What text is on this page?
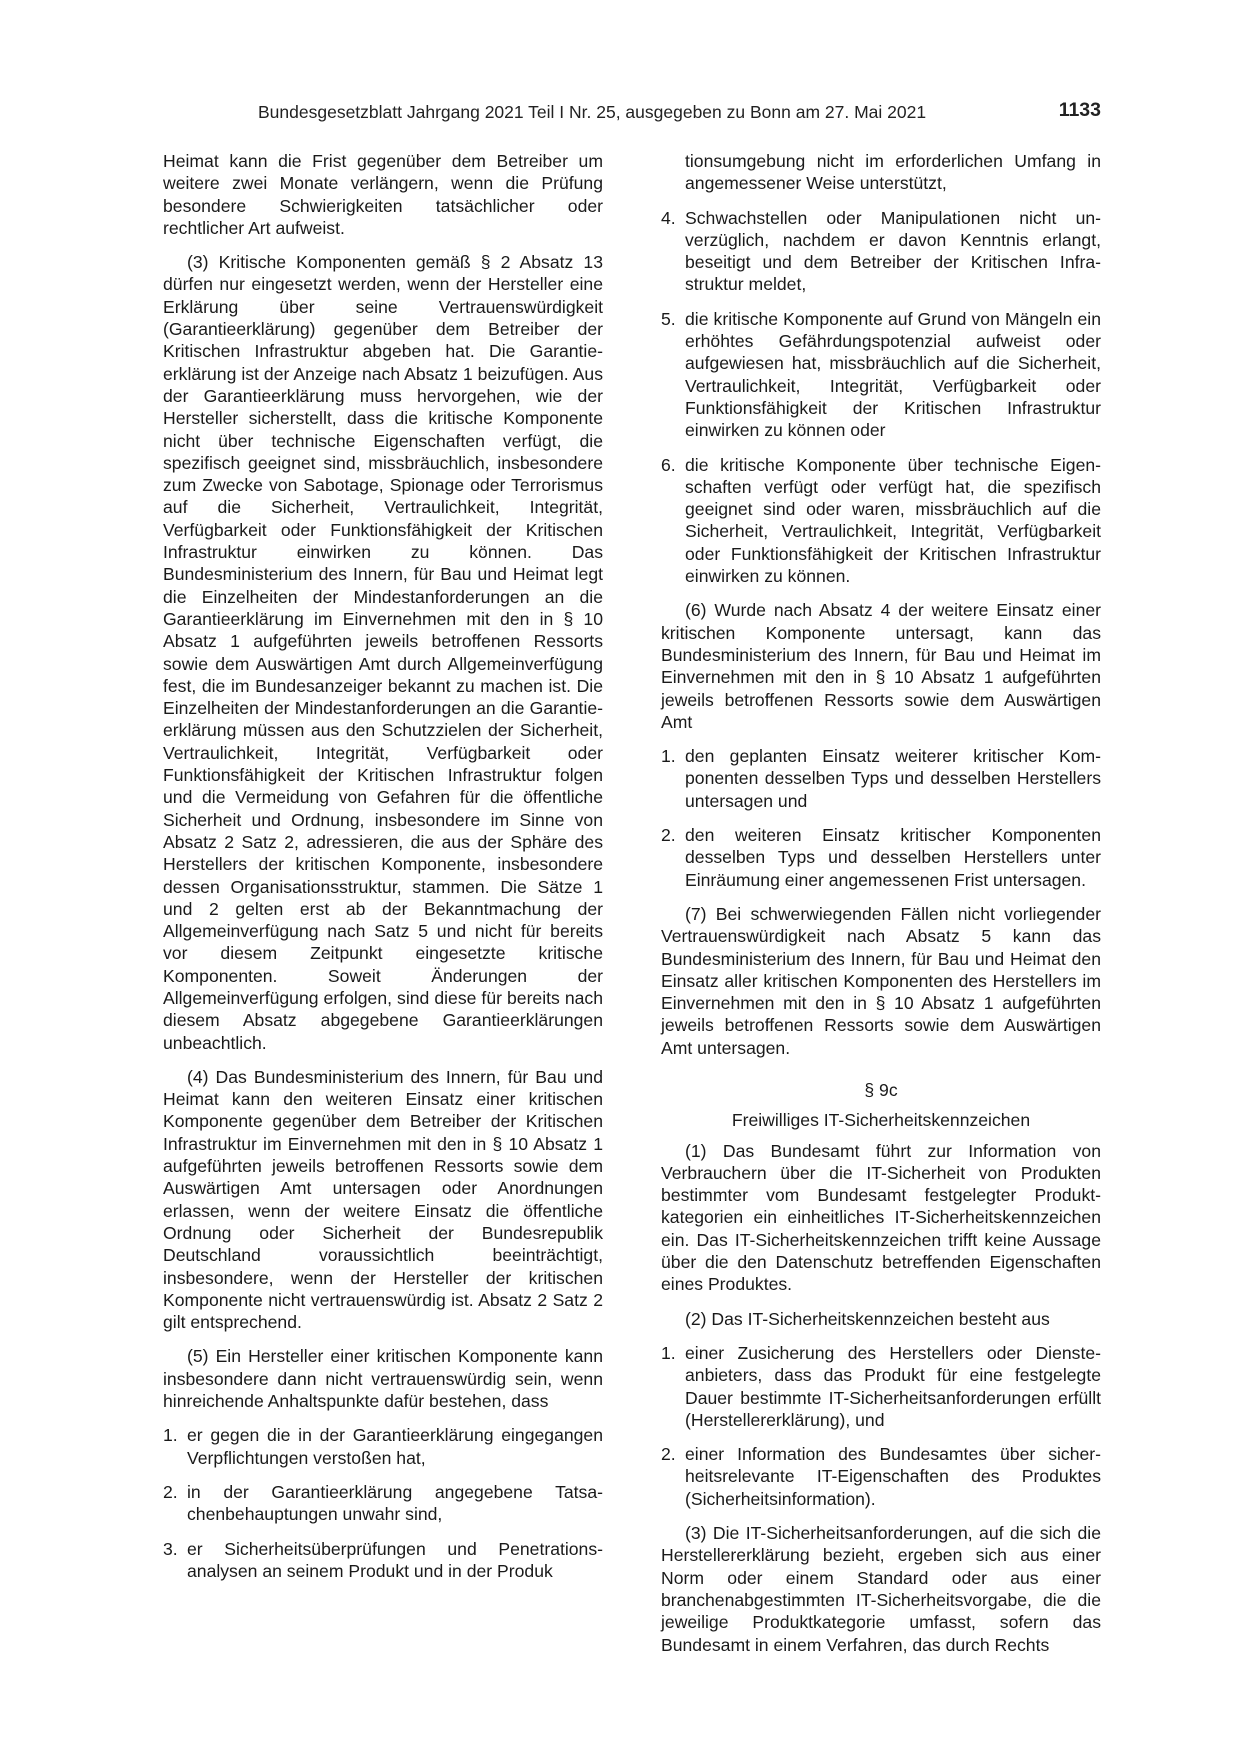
Bundesgesetzblatt Jahrgang 2021 Teil I Nr. 25, ausgegeben zu Bonn am 27. Mai 2021	1133

Heimat kann die Frist gegenüber dem Betreiber um weitere zwei Monate verlängern, wenn die Prüfung besondere Schwierigkeiten tatsächlicher oder rechtlicher Art aufweist.

(3) Kritische Komponenten gemäß § 2 Absatz 13 dürfen nur eingesetzt werden, wenn der Hersteller eine Erklärung über seine Vertrauenswürdigkeit (Garantieerklärung) gegenüber dem Betreiber der Kritischen Infrastruktur abgeben hat. Die Garantieerklärung ist der Anzeige nach Absatz 1 beizufügen. Aus der Garantieerklärung muss hervorgehen, wie der Hersteller sicherstellt, dass die kritische Komponente nicht über technische Eigenschaften verfügt, die spezifisch geeignet sind, missbräuchlich, insbesondere zum Zwecke von Sabotage, Spionage oder Terrorismus auf die Sicherheit, Vertraulichkeit, Integrität, Verfügbarkeit oder Funktionsfähigkeit der Kritischen Infrastruktur einwirken zu können. Das Bundesministerium des Innern, für Bau und Heimat legt die Einzelheiten der Mindestanforderungen an die Garantieerklärung im Einvernehmen mit den in § 10 Absatz 1 aufgeführten jeweils betroffenen Ressorts sowie dem Auswärtigen Amt durch Allgemeinverfügung fest, die im Bundesanzeiger bekannt zu machen ist. Die Einzelheiten der Mindestanforderungen an die Garantieerklärung müssen aus den Schutzzielen der Sicherheit, Vertraulichkeit, Integrität, Verfügbarkeit oder Funktionsfähigkeit der Kritischen Infrastruktur folgen und die Vermeidung von Gefahren für die öffentliche Sicherheit und Ordnung, insbesondere im Sinne von Absatz 2 Satz 2, adressieren, die aus der Sphäre des Herstellers der kritischen Komponente, insbesondere dessen Organisationsstruktur, stammen. Die Sätze 1 und 2 gelten erst ab der Bekanntmachung der Allgemeinverfügung nach Satz 5 und nicht für bereits vor diesem Zeitpunkt eingesetzte kritische Komponenten. Soweit Änderungen der Allgemeinverfügung erfolgen, sind diese für bereits nach diesem Absatz abgegebene Garantieerklärungen unbeachtlich.

(4) Das Bundesministerium des Innern, für Bau und Heimat kann den weiteren Einsatz einer kritischen Komponente gegenüber dem Betreiber der Kritischen Infrastruktur im Einvernehmen mit den in § 10 Absatz 1 aufgeführten jeweils betroffenen Ressorts sowie dem Auswärtigen Amt untersagen oder Anordnungen erlassen, wenn der weitere Einsatz die öffentliche Ordnung oder Sicherheit der Bundesrepublik Deutschland voraussichtlich beeinträchtigt, insbesondere, wenn der Hersteller der kritischen Komponente nicht vertrauenswürdig ist. Absatz 2 Satz 2 gilt entsprechend.

(5) Ein Hersteller einer kritischen Komponente kann insbesondere dann nicht vertrauenswürdig sein, wenn hinreichende Anhaltspunkte dafür bestehen, dass

1. er gegen die in der Garantieerklärung eingegangen Verpflichtungen verstoßen hat,
2. in der Garantieerklärung angegebene Tatsachenbehauptungen unwahr sind,
3. er Sicherheitsüberprüfungen und Penetrationsanalysen an seinem Produkt und in der Produk
tionsumgebung nicht im erforderlichen Umfang in angemessener Weise unterstützt,
4. Schwachstellen oder Manipulationen nicht unverzüglich, nachdem er davon Kenntnis erlangt, beseitigt und dem Betreiber der Kritischen Infrastruktur meldet,
5. die kritische Komponente auf Grund von Mängeln ein erhöhtes Gefährdungspotenzial aufweist oder aufgewiesen hat, missbräuchlich auf die Sicherheit, Vertraulichkeit, Integrität, Verfügbarkeit oder Funktionsfähigkeit der Kritischen Infrastruktur einwirken zu können oder
6. die kritische Komponente über technische Eigenschaften verfügt oder verfügt hat, die spezifisch geeignet sind oder waren, missbräuchlich auf die Sicherheit, Vertraulichkeit, Integrität, Verfügbarkeit oder Funktionsfähigkeit der Kritischen Infrastruktur einwirken zu können.

(6) Wurde nach Absatz 4 der weitere Einsatz einer kritischen Komponente untersagt, kann das Bundesministerium des Innern, für Bau und Heimat im Einvernehmen mit den in § 10 Absatz 1 aufgeführten jeweils betroffenen Ressorts sowie dem Auswärtigen Amt

1. den geplanten Einsatz weiterer kritischer Komponenten desselben Typs und desselben Herstellers untersagen und
2. den weiteren Einsatz kritischer Komponenten desselben Typs und desselben Herstellers unter Einräumung einer angemessenen Frist untersagen.

(7) Bei schwerwiegenden Fällen nicht vorliegender Vertrauenswürdigkeit nach Absatz 5 kann das Bundesministerium des Innern, für Bau und Heimat den Einsatz aller kritischen Komponenten des Herstellers im Einvernehmen mit den in § 10 Absatz 1 aufgeführten jeweils betroffenen Ressorts sowie dem Auswärtigen Amt untersagen.

§ 9c
Freiwilliges IT-Sicherheitskennzeichen

(1) Das Bundesamt führt zur Information von Verbrauchern über die IT-Sicherheit von Produkten bestimmter vom Bundesamt festgelegter Produktkategorien ein einheitliches IT-Sicherheitskennzeichen ein. Das IT-Sicherheitskennzeichen trifft keine Aussage über die den Datenschutz betreffenden Eigenschaften eines Produktes.

(2) Das IT-Sicherheitskennzeichen besteht aus

1. einer Zusicherung des Herstellers oder Diensteanbieters, dass das Produkt für eine festgelegte Dauer bestimmte IT-Sicherheitsanforderungen erfüllt (Herstellererklärung), und
2. einer Information des Bundesamtes über sicherheitsrelevante IT-Eigenschaften des Produktes (Sicherheitsinformation).

(3) Die IT-Sicherheitsanforderungen, auf die sich die Herstellererklärung bezieht, ergeben sich aus einer Norm oder einem Standard oder aus einer branchenabgestimmten IT-Sicherheitsvorgabe, die die jeweilige Produktkategorie umfasst, sofern das Bundesamt in einem Verfahren, das durch Rechts
